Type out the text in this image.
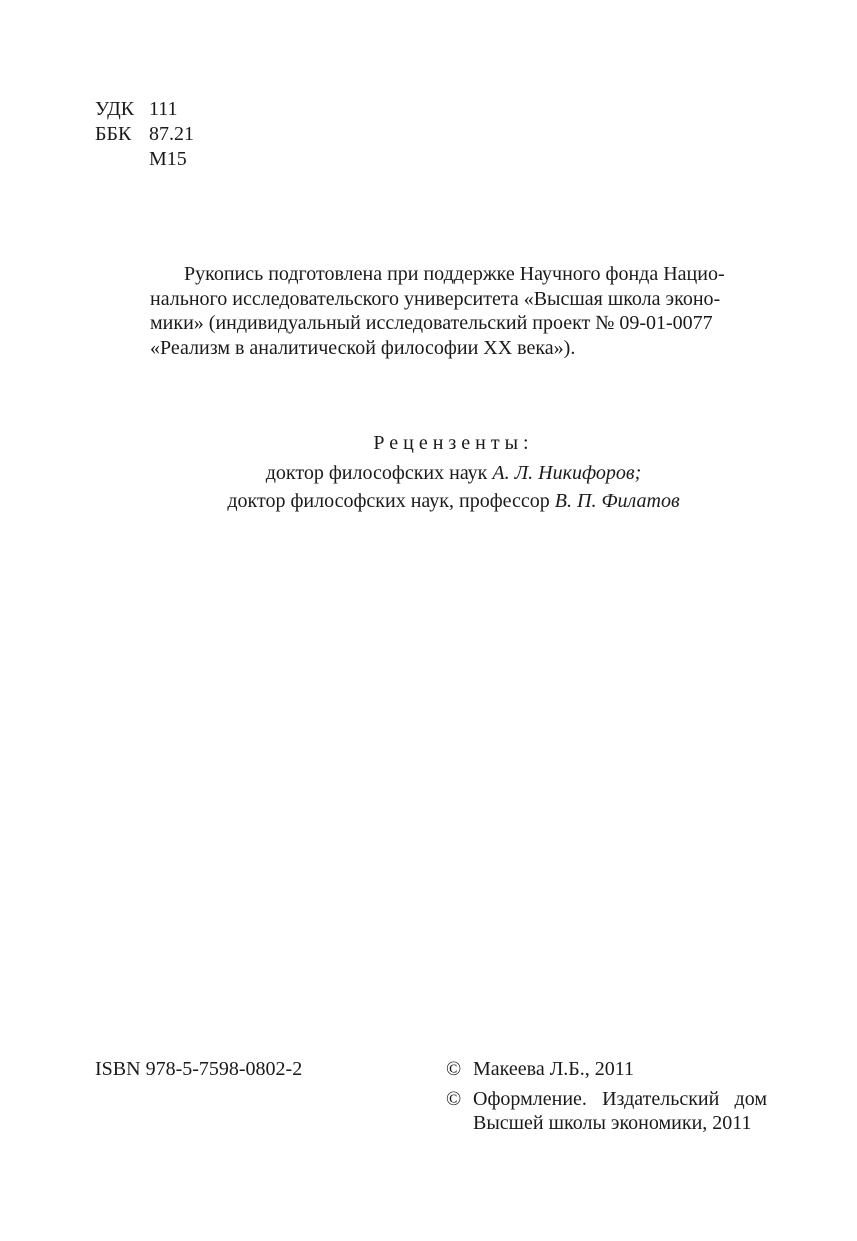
УДК 111
ББК 87.21
М15
Рукопись подготовлена при поддержке Научного фонда Нацио-
нального исследовательского университета «Высшая школа эконо-
мики» (индивидуальный исследовательский проект № 09-01-0077
«Реализм в аналитической философии XX века»).
Рецензенты:
доктор философских наук А. Л. Никифоров;
доктор философских наук, профессор В. П. Филатов
ISBN 978-5-7598-0802-2	© Макеева Л.Б., 2011
© Оформление. Издательский дом
Высшей школы экономики, 2011
